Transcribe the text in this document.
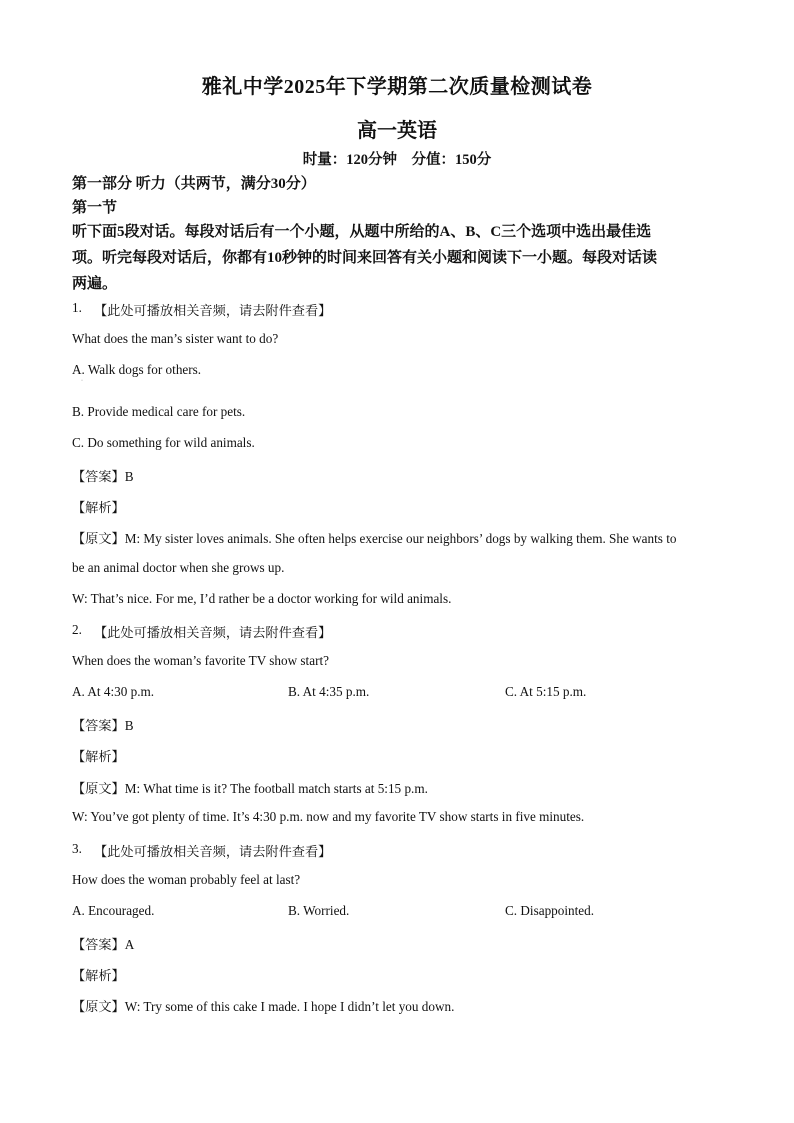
雅礼中学2025年下学期第二次质量检测试卷
高一英语
时量：120分钟　分值：150分
第一部分 听力（共两节，满分30分）
第一节
听下面5段对话。每段对话后有一个小题，从题中所给的A、B、C三个选项中选出最佳选
项。听完每段对话后，你都有10秒钟的时间来回答有关小题和阅读下一小题。每段对话读
两遍。
1. 【此处可播放相关音频，请去附件查看】
What does the man’s sister want to do?
A. Walk dogs for others.
·
B. Provide medical care for pets.
C. Do something for wild animals.
【答案】B
【解析】
【原文】M: My sister loves animals. She often helps exercise our neighbors’ dogs by walking them. She wants to
be an animal doctor when she grows up.
W: That’s nice. For me, I’d rather be a doctor working for wild animals.
2. 【此处可播放相关音频，请去附件查看】
When does the woman’s favorite TV show start?
A. At 4:30 p.m.	B. At 4:35 p.m.	C. At 5:15 p.m.
【答案】B
【解析】
【原文】M: What time is it? The football match starts at 5:15 p.m.
W: You’ve got plenty of time. It’s 4:30 p.m. now and my favorite TV show starts in five minutes.
3. 【此处可播放相关音频，请去附件查看】
How does the woman probably feel at last?
A. Encouraged.	B. Worried.	C. Disappointed.
【答案】A
【解析】
【原文】W: Try some of this cake I made. I hope I didn’t let you down.
